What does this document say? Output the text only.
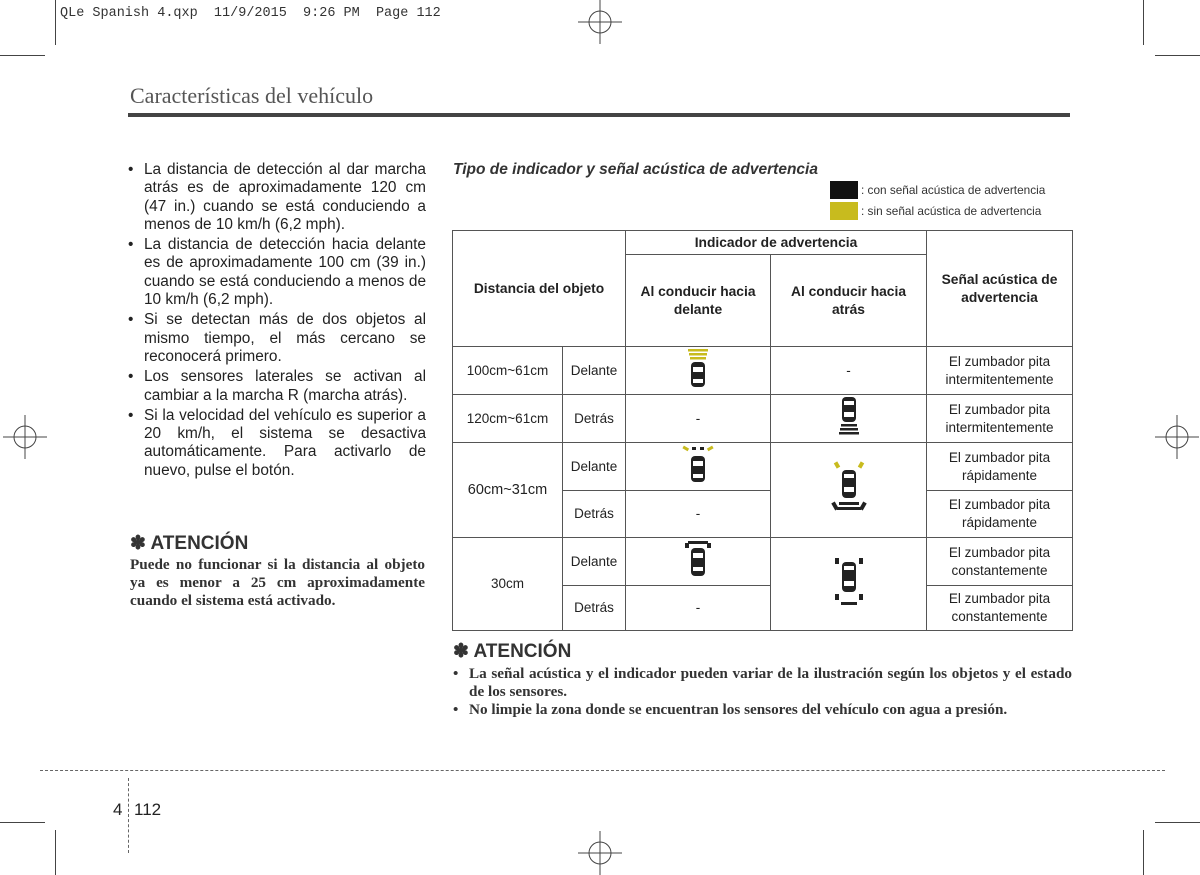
QLe Spanish 4.qxp  11/9/2015  9:26 PM  Page 112
Características del vehículo
• La distancia de detección al dar marcha atrás es de aproximadamente 120 cm (47 in.) cuando se está conduciendo a menos de 10 km/h (6,2 mph).
• La distancia de detección hacia delante es de aproximadamente 100 cm (39 in.) cuando se está conduciendo a menos de 10 km/h (6,2 mph).
• Si se detectan más de dos objetos al mismo tiempo, el más cercano se reconocerá primero.
• Los sensores laterales se activan al cambiar a la marcha R (marcha atrás).
• Si la velocidad del vehículo es superior a 20 km/h, el sistema se desactiva automáticamente. Para activarlo de nuevo, pulse el botón.
✽ ATENCIÓN
Puede no funcionar si la distancia al objeto ya es menor a 25 cm aproximadamente cuando el sistema está activado.
Tipo de indicador y señal acústica de advertencia
: con señal acústica de advertencia
: sin señal acústica de advertencia
Distancia del objeto		Indicador de advertencia		Señal acústica de advertencia
		Al conducir hacia delante	Al conducir hacia atrás	
100cm~61cm	Delante		-	El zumbador pita intermitentemente
120cm~61cm	Detrás	-		El zumbador pita intermitentemente
60cm~31cm	Delante			El zumbador pita rápidamente
	Detrás	-		El zumbador pita rápidamente
30cm	Delante			El zumbador pita constantemente
	Detrás	-		El zumbador pita constantemente
✽ ATENCIÓN
• La señal acústica y el indicador pueden variar de la ilustración según los objetos y el estado de los sensores.
• No limpie la zona donde se encuentran los sensores del vehículo con agua a presión.
4 112
